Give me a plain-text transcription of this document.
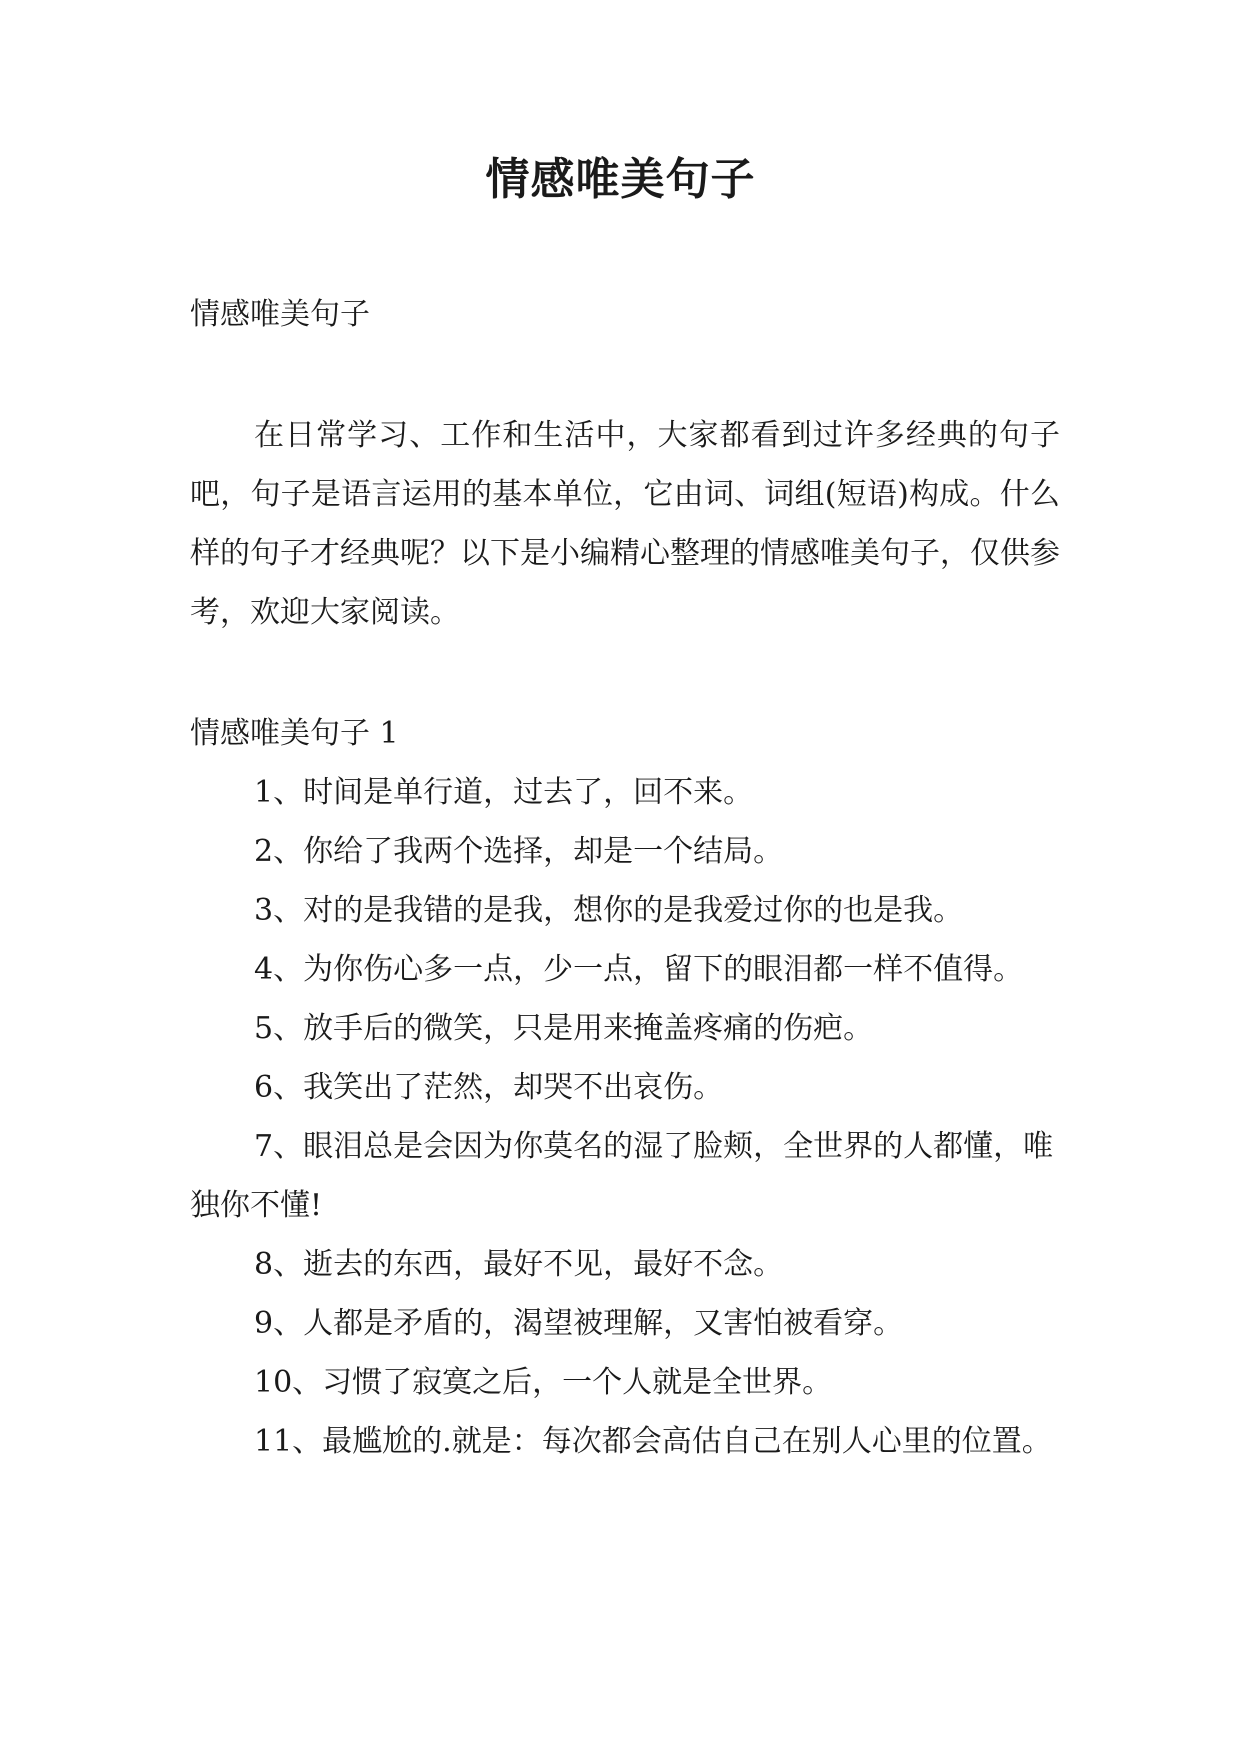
情感唯美句子

情感唯美句子

在日常学习、工作和生活中，大家都看到过许多经典的句子吧，句子是语言运用的基本单位，它由词、词组(短语)构成。什么样的句子才经典呢？以下是小编精心整理的情感唯美句子，仅供参考，欢迎大家阅读。

情感唯美句子 1

1、时间是单行道，过去了，回不来。

2、你给了我两个选择，却是一个结局。

3、对的是我错的是我，想你的是我爱过你的也是我。

4、为你伤心多一点，少一点，留下的眼泪都一样不值得。

5、放手后的微笑，只是用来掩盖疼痛的伤疤。

6、我笑出了茫然，却哭不出哀伤。

7、眼泪总是会因为你莫名的湿了脸颊，全世界的人都懂，唯独你不懂!

8、逝去的东西，最好不见，最好不念。

9、人都是矛盾的，渴望被理解，又害怕被看穿。

10、习惯了寂寞之后，一个人就是全世界。

11、最尴尬的.就是：每次都会高估自己在别人心里的位置。
